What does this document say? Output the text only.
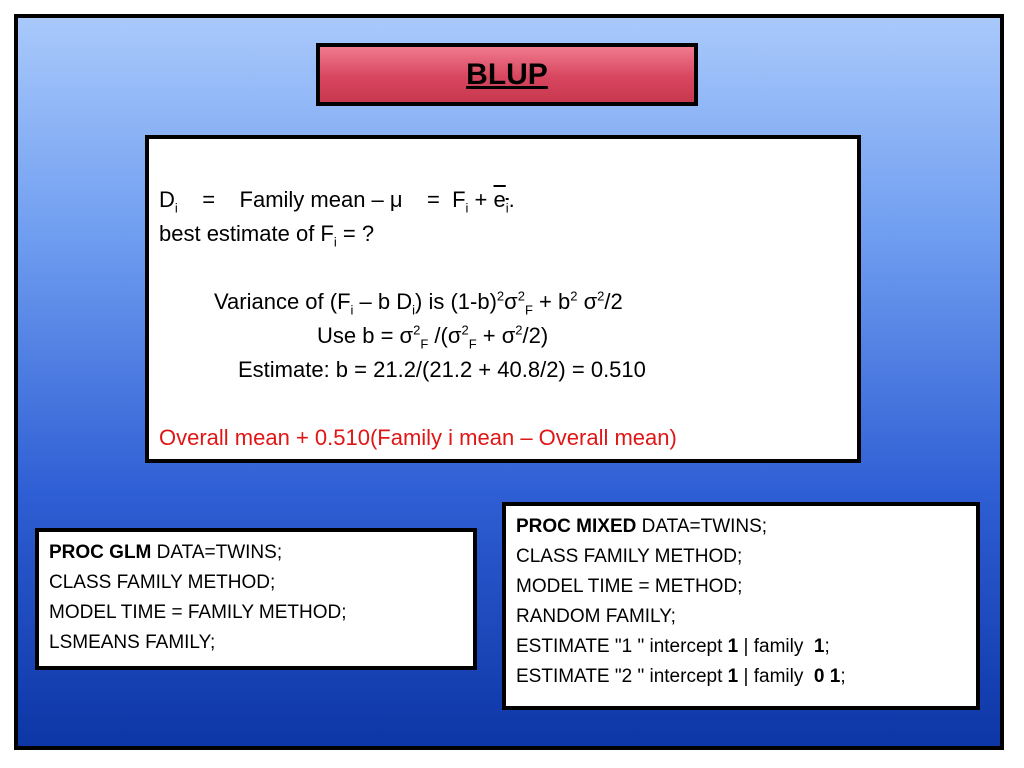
BLUP
$D_i$    =    Family mean – μ    =  $F_i + e_i$.
best estimate of $F_i$ = ?
Variance of ($F_i$ – b $D_i$) is $(1-b)^2\sigma^2_F + b^2$ $\sigma^2/2$
Use $b = \sigma^2_F$ $/(\sigma^2_F + \sigma^2/2)$
Estimate: b = 21.2/(21.2 + 40.8/2) = 0.510
Overall mean + 0.510(Family i mean – Overall mean)
PROC GLM DATA=TWINS;
CLASS FAMILY METHOD;
MODEL TIME = FAMILY METHOD;
LSMEANS FAMILY;
PROC MIXED DATA=TWINS;
CLASS FAMILY METHOD;
MODEL TIME = METHOD;
RANDOM FAMILY;
ESTIMATE "1 " intercept 1 | family  1;
ESTIMATE "2 " intercept 1 | family  0 1;
